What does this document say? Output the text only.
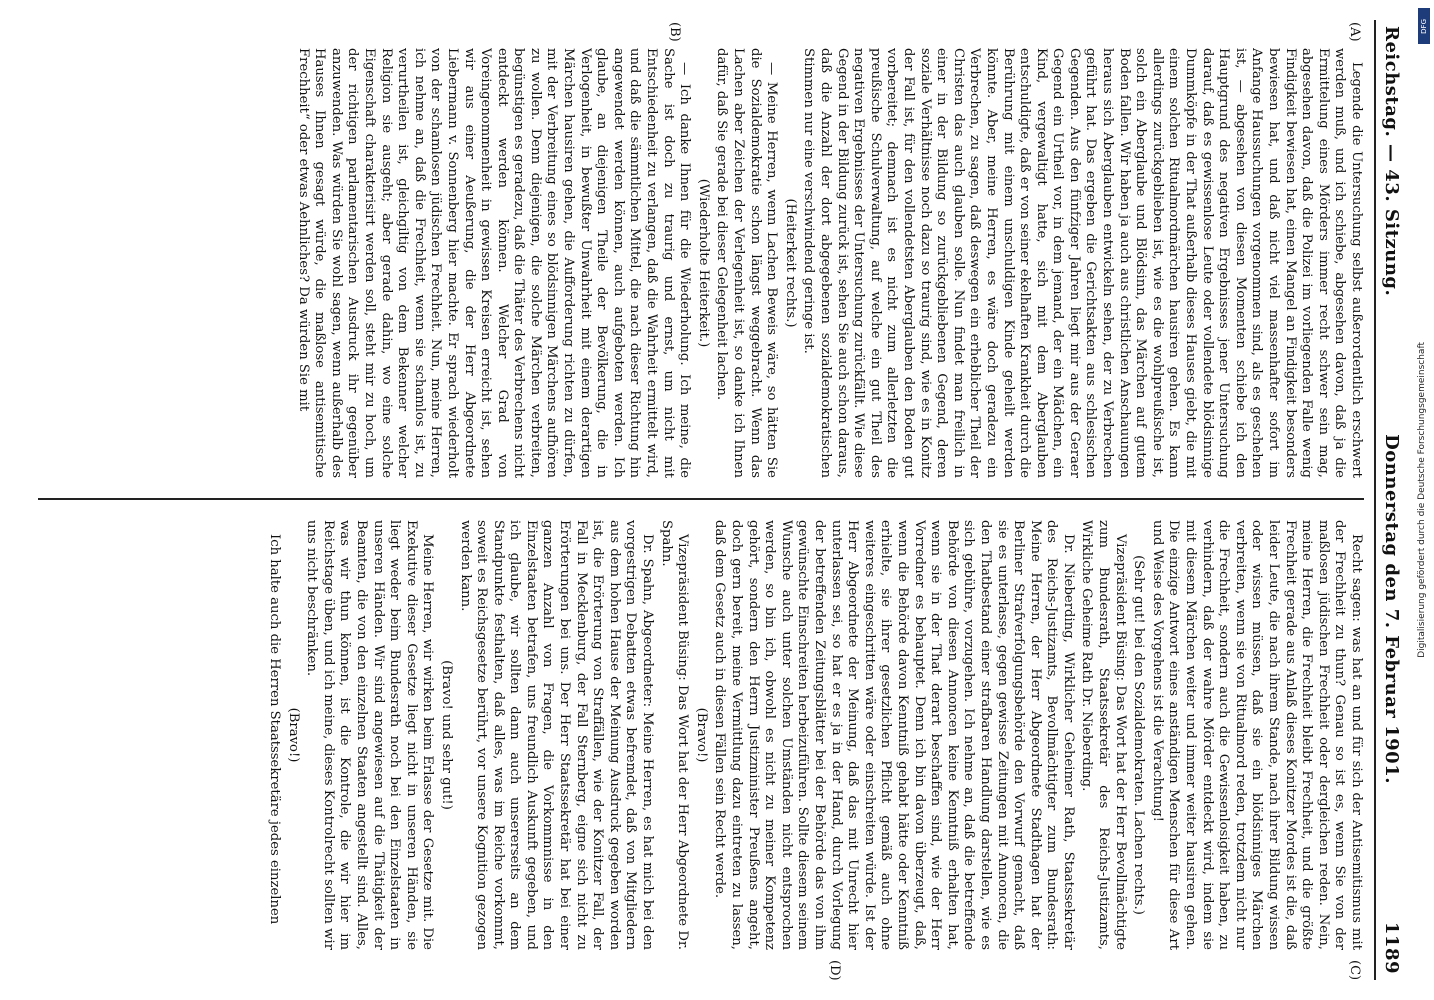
Reichstag. — 43. Sitzung.
Donnerstag den 7. Februar 1901.
1189
(A)
(B)
(C)
(D)

Legende die Untersuchung selbst außerordentlich erschwert werden muß, und ich schiebe, abgesehen davon, daß ja die Ermittelung eines Mörders immer recht schwer sein mag, abgesehen davon, daß die Polizei im vorliegenden Falle wenig Findigkeit bewiesen hat, einen Mangel an Findigkeit besonders bewiesen hat, und daß nicht viel massenhafter sofort im Anfange Haussuchungen vorgenommen sind, als es geschehen ist, — abgesehen von diesen Momenten schiebe ich den Hauptgrund des negativen Ergebnisses jener Untersuchung darauf, daß es gewissenlose Leute oder vollendete blödsinnige Dummköpfe in der That außerhalb dieses Hauses giebt, die mit einem solchen Ritualmordmärchen hausiren gehen. Es kann allerdings zurückgeblieben ist, wie es die wohlpreußische ist, solch ein Aberglaube und Blödsinn, das Märchen auf gutem Boden fallen. Wir haben ja auch aus christlichen Anschauungen heraus sich Aberglauben entwickeln sehen, der zu Verbrechen geführt hat. Das ergeben die Gerichtsakten aus schlesischen Gegenden. Aus den fünfziger Jahren liegt mir aus der Geraer Gegend ein Urtheil vor, in dem jemand, der ein Mädchen, ein Kind, vergewaltigt hatte, sich mit dem Aberglauben entschuldigte, daß er von seiner ekelhaften Krankheit durch die Berührung mit einem unschuldigen Kinde geheilt werden könnte. Aber, meine Herren, es wäre doch geradezu ein Verbrechen, zu sagen, daß deswegen ein erheblicher Theil der Christen das auch glauben solle. Nun findet man freilich in einer in der Bildung so zurückgebliebenen Gegend, deren soziale Verhältnisse noch dazu so traurig sind, wie es in Konitz der Fall ist, für den vollendetsten Aberglauben den Boden gut vorbereitet; demnach ist es nicht zum allerletzten die preußische Schulverwaltung, auf welche ein gut Theil des negativen Ergebnisses der Untersuchung zurückfällt. Wie diese Gegend in der Bildung zurück ist, sehen Sie auch schon daraus, daß die Anzahl der dort abgegebenen sozialdemokratischen Stimmen nur eine verschwindend geringe ist.

(Heiterkeit rechts.)

— Meine Herren, wenn Lachen Beweis wäre, so hätten Sie die Sozialdemokratie schon längst weggebracht. Wenn das Lachen aber Zeichen der Verlegenheit ist, so danke ich Ihnen dafür, daß Sie gerade bei dieser Gelegenheit lachen.

(Wiederholte Heiterkeit.)

— Ich danke Ihnen für die Wiederholung. Ich meine, die Sache ist doch zu traurig und ernst, um nicht mit Entschiedenheit zu verlangen, daß die Wahrheit ermittelt wird, und daß die sämmtlichen Mittel, die nach dieser Richtung hin angewendet werden können, auch aufgeboten werden. Ich glaube, an diejenigen Theile der Bevölkerung, die in Verlogenheit, in bewußter Unwahrheit mit einem derartigen Märchen hausiren gehen, die Aufforderung richten zu dürfen, mit der Verbreitung eines so blödsinnigen Märchens aufhören zu wollen. Denn diejenigen, die solche Märchen verbreiten, begünstigen es geradezu, daß die Thäter des Verbrechens nicht entdeckt werden können. Welcher Grad von Voreingenommenheit in gewissen Kreisen erreicht ist, sehen wir aus einer Aeußerung, die der Herr Abgeordnete Liebermann v. Sonnenberg hier machte. Er sprach wiederholt von der schamlosen jüdischen Frechheit. Nun, meine Herren, ich nehme an, daß die Frechheit, wenn sie schamlos ist, zu verurtheilen ist, gleichgiltig von dem Bekenner welcher Religion sie ausgeht; aber gerade dahin, wo eine solche Eigenschaft charakterisirt werden soll, steht mir zu hoch, um der richtigen parlamentarischen Ausdruck ihr gegenüber anzuwenden. Was würden Sie wohl sagen, wenn außerhalb des Hauses Ihnen gesagt würde, die maßlose antisemitische Frechheit“ oder etwas Aehnliches? Da würden Sie mit

Recht sagen: was hat an und für sich der Antisemitismus mit der Frechheit zu thun? Genau so ist es, wenn Sie von der maßlosen jüdischen Frechheit oder dergleichen reden. Nein, meine Herren, die Frechheit bleibt Frechheit, und die größte Frechheit gerade aus Anlaß dieses Konitzer Mordes ist die, daß leider Leute, die nach ihrem Stande, nach ihrer Bildung wissen oder wissen müssen, daß sie ein blödsinniges Märchen verbreiten, wenn sie von Ritualmord reden, trotzdem nicht nur die Frechheit, sondern auch die Gewissenlosigkeit haben, zu verhindern, daß der wahre Mörder entdeckt wird, indem sie mit diesem Märchen weiter und immer weiter hausiren gehen. Die einzige Antwort eines anständigen Menschen für diese Art und Weise des Vorgehens ist die Verachtung!

(Sehr gut! bei den Sozialdemokraten. Lachen rechts.)

Vizepräsident Büsing: Das Wort hat der Herr Bevollmächtigte zum Bundesrath, Staatssekretär des Reichs-Justizamts, Wirkliche Geheime Rath Dr. Nieberding.

Dr. Nieberding, Wirklicher Geheimer Rath, Staatssekretär des Reichs-Justizamts, Bevollmächtigter zum Bundesrath: Meine Herren, der Herr Abgeordnete Stadthagen hat der Berliner Strafverfolgungsbehörde den Vorwurf gemacht, daß sie es unterlasse, gegen gewisse Zeitungen mit Annoncen, die den Thatbestand einer strafbaren Handlung darstellen, wie es sich gebühre, vorzugehen. Ich nehme an, daß die betreffende Behörde von diesen Annoncen keine Kenntniß erhalten hat, wenn sie in der That derart beschaffen sind, wie der Herr Vorredner es behauptet. Denn ich bin davon überzeugt, daß, wenn die Behörde davon Kenntniß gehabt hätte oder Kenntniß erhielte, sie ihrer gesetzlichen Pflicht gemäß auch ohne weiteres eingeschritten wäre oder einschreiten würde. Ist der Herr Abgeordnete der Meinung, daß das mit Unrecht hier unterlassen sei, so hat er es ja in der Hand, durch Vorlegung der betreffenden Zeitungsblätter bei der Behörde das von ihm gewünschte Einschreiten herbeizuführen. Sollte diesem seinem Wunsche auch unter solchen Umständen nicht entsprochen werden, so bin ich, obwohl es nicht zu meiner Kompetenz gehört, sondern den Herrn Justizminister Preußens angeht, doch gern bereit, meine Vermittlung dazu eintreten zu lassen, daß dem Gesetz auch in diesen Fällen sein Recht werde.

(Bravo!)

Vizepräsident Büsing: Das Wort hat der Herr Abgeordnete Dr. Spahn.

Dr. Spahn, Abgeordneter: Meine Herren, es hat mich bei den vorgestrigen Debatten etwas befremdet, daß von Mitgliedern aus dem hohen Hause der Meinung Ausdruck gegeben worden ist, die Erörterung von Straffällen, wie der Konitzer Fall, der Fall in Mecklenburg, der Fall Sternberg, eigne sich nicht zu Erörterungen bei uns. Der Herr Staatssekretär hat bei einer ganzen Anzahl von Fragen, die Vorkommnisse in den Einzelstaaten betrafen, uns freundlich Auskunft gegeben, und ich glaube, wir sollten dann auch unsererseits an dem Standpunkte festhalten, daß alles, was im Reiche vorkommt, soweit es Reichsgesetze berührt, vor unsere Kognition gezogen werden kann.

(Bravo! und sehr gut!)

Meine Herren, wir wirken beim Erlasse der Gesetze mit. Die Exekutive dieser Gesetze liegt nicht in unseren Händen, sie liegt weder beim Bundesrath noch bei den Einzelstaaten in unseren Händen. Wir sind angewiesen auf die Thätigkeit der Beamten, die von den einzelnen Staaten angestellt sind. Alles, was wir thun können, ist die Kontrole, die wir hier im Reichstage üben, und ich meine, dieses Kontrolrecht sollten wir uns nicht beschränken.

(Bravo!)

Ich halte auch die Herren Staatssekretäre jedes einzelnen

DFG
Digitalisierung gefördert durch die Deutsche Forschungsgemeinschaft
